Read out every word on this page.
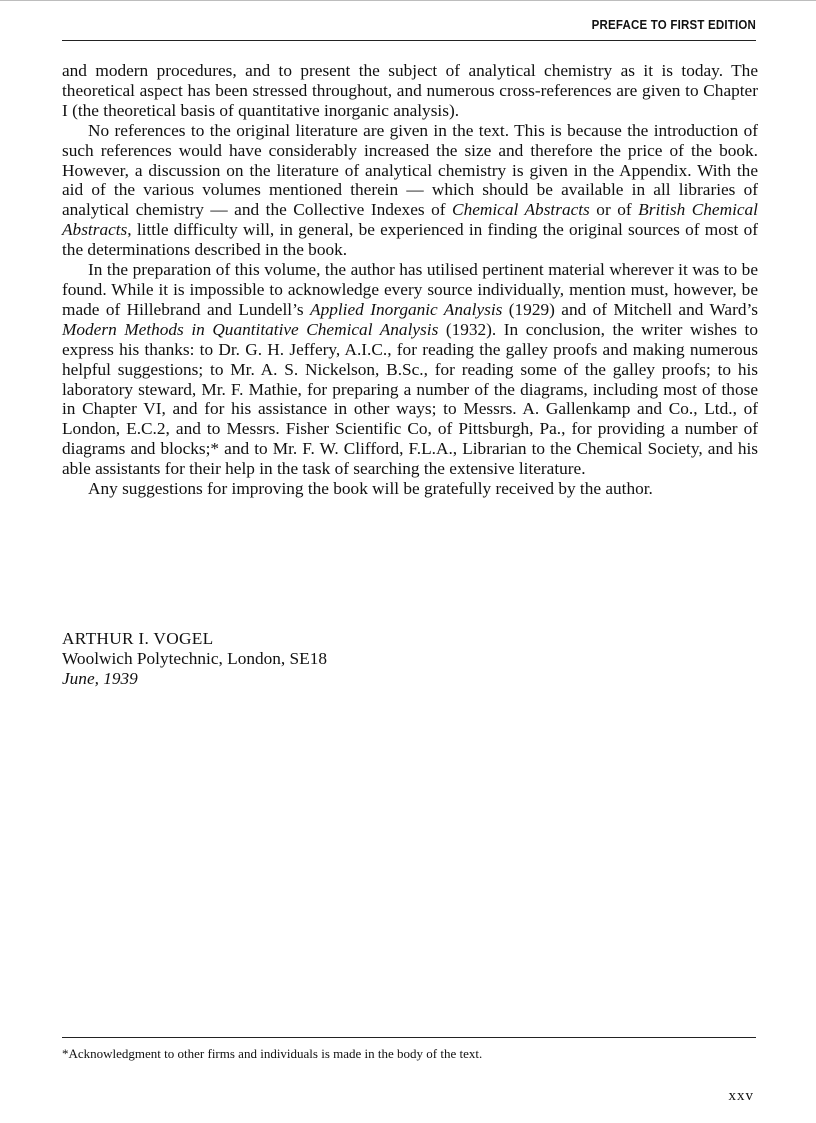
PREFACE TO FIRST EDITION

and modern procedures, and to present the subject of analytical chemistry as it is today. The theoretical aspect has been stressed throughout, and numerous cross-references are given to Chapter I (the theoretical basis of quantitative inorganic analysis).

No references to the original literature are given in the text. This is because the introduction of such references would have considerably increased the size and therefore the price of the book. However, a discussion on the literature of analytical chemistry is given in the Appendix. With the aid of the various volumes mentioned therein — which should be available in all libraries of analytical chemistry — and the Collective Indexes of Chemical Abstracts or of British Chemical Abstracts, little difficulty will, in general, be experienced in finding the original sources of most of the determinations described in the book.

In the preparation of this volume, the author has utilised pertinent material wherever it was to be found. While it is impossible to acknowledge every source individually, mention must, however, be made of Hillebrand and Lundell’s Applied Inorganic Analysis (1929) and of Mitchell and Ward’s Modern Methods in Quantitative Chemical Analysis (1932). In conclusion, the writer wishes to express his thanks: to Dr. G. H. Jeffery, A.I.C., for reading the galley proofs and making numerous helpful suggestions; to Mr. A. S. Nickelson, B.Sc., for reading some of the galley proofs; to his laboratory steward, Mr. F. Mathie, for preparing a number of the diagrams, including most of those in Chapter VI, and for his assistance in other ways; to Messrs. A. Gallenkamp and Co., Ltd., of London, E.C.2, and to Messrs. Fisher Scientific Co, of Pittsburgh, Pa., for providing a number of diagrams and blocks;* and to Mr. F. W. Clifford, F.L.A., Librarian to the Chemical Society, and his able assistants for their help in the task of searching the extensive literature.

Any suggestions for improving the book will be gratefully received by the author.

ARTHUR I. VOGEL
Woolwich Polytechnic, London, SE18
June, 1939
*Acknowledgment to other firms and individuals is made in the body of the text.
xxv
